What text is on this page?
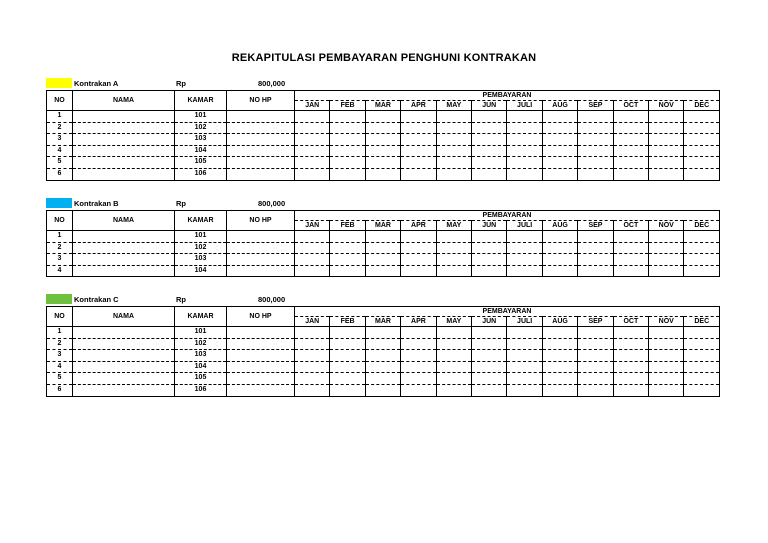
REKAPITULASI PEMBAYARAN PENGHUNI KONTRAKAN
Kontrakan A	Rp	800,000
NO	NAMA	KAMAR	NO HP	PEMBAYARAN											
				JAN	FEB	MAR	APR	MAY	JUN	JULI	AUG	SEP	OCT	NOV	DEC
1		101													
2		102													
3		103													
4		104													
5		105													
6		106													
Kontrakan B	Rp	800,000
NO	NAMA	KAMAR	NO HP	PEMBAYARAN											
				JAN	FEB	MAR	APR	MAY	JUN	JULI	AUG	SEP	OCT	NOV	DEC
1		101													
2		102													
3		103													
4		104													
Kontrakan C	Rp	800,000
NO	NAMA	KAMAR	NO HP	PEMBAYARAN											
				JAN	FEB	MAR	APR	MAY	JUN	JULI	AUG	SEP	OCT	NOV	DEC
1		101													
2		102													
3		103													
4		104													
5		105													
6		106													
